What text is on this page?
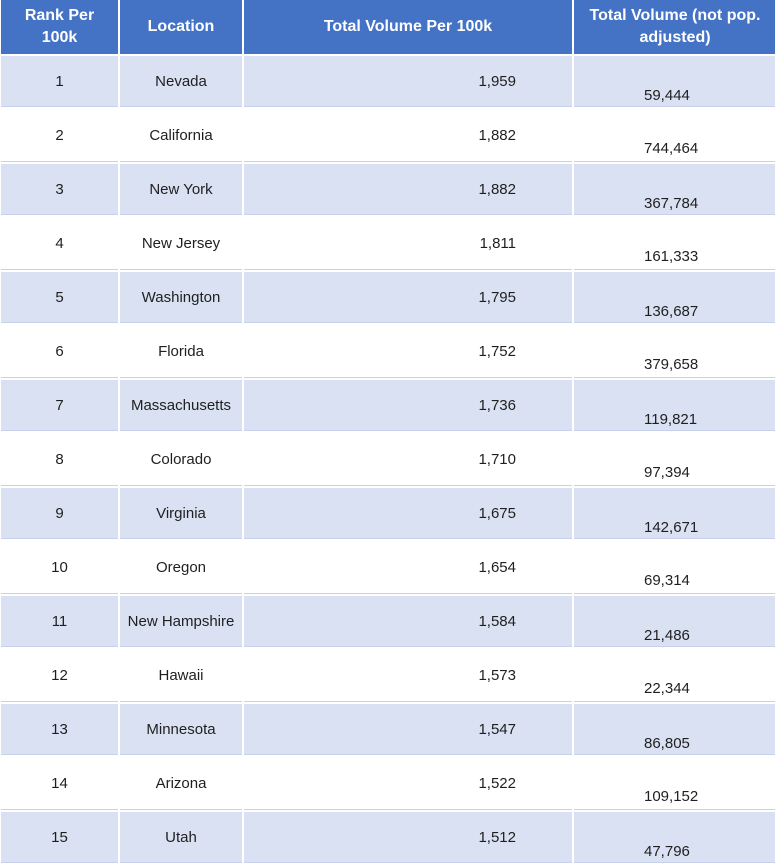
Rank Per 100k	Location	Total Volume Per 100k	Total Volume (not pop. adjusted)
1	Nevada	1,959	59,444
2	California	1,882	744,464
3	New York	1,882	367,784
4	New Jersey	1,811	161,333
5	Washington	1,795	136,687
6	Florida	1,752	379,658
7	Massachusetts	1,736	119,821
8	Colorado	1,710	97,394
9	Virginia	1,675	142,671
10	Oregon	1,654	69,314
11	New Hampshire	1,584	21,486
12	Hawaii	1,573	22,344
13	Minnesota	1,547	86,805
14	Arizona	1,522	109,152
15	Utah	1,512	47,796
